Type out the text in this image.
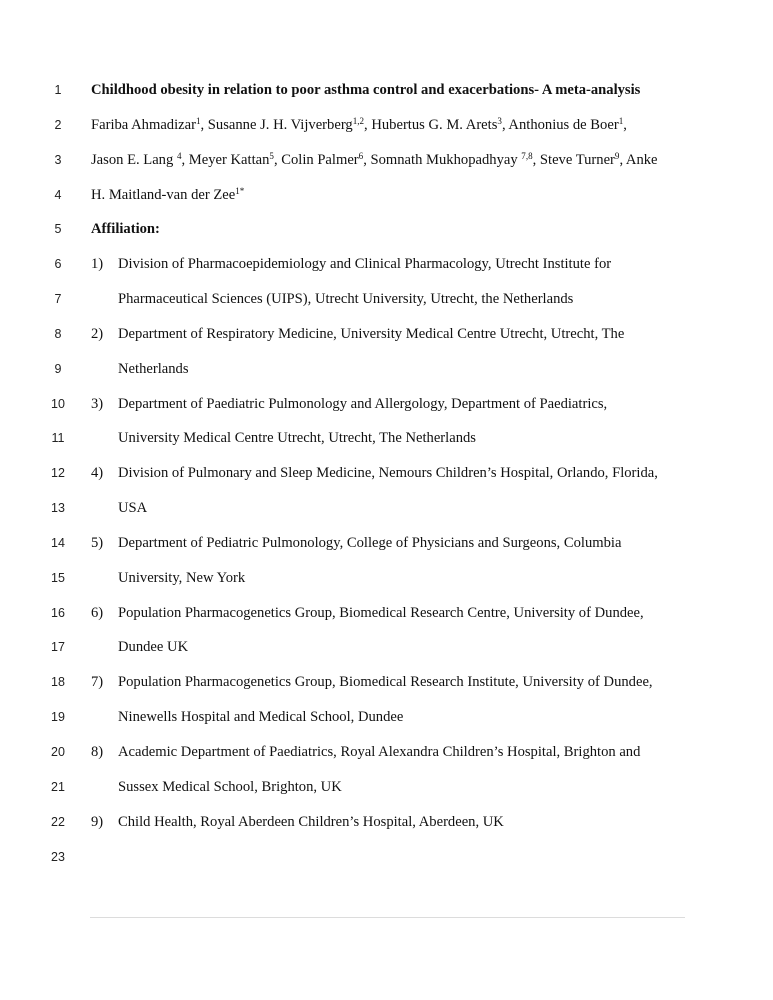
1	Childhood obesity in relation to poor asthma control and exacerbations- A meta-analysis
2	Fariba Ahmadizar$^1$, Susanne J. H. Vijverberg$^{1,2}$, Hubertus G. M. Arets$^3$, Anthonius de Boer$^1$,
3	Jason E. Lang $^4$, Meyer Kattan$^5$, Colin Palmer$^6$, Somnath Mukhopadhyay $^{7,8}$, Steve Turner$^9$, Anke
4	H. Maitland-van der Zee$^{1*}$
5	Affiliation:
6	1) Division of Pharmacoepidemiology and Clinical Pharmacology, Utrecht Institute for
7	Pharmaceutical Sciences (UIPS), Utrecht University, Utrecht, the Netherlands
8	2) Department of Respiratory Medicine, University Medical Centre Utrecht, Utrecht, The
9	Netherlands
10	3) Department of Paediatric Pulmonology and Allergology, Department of Paediatrics,
11	University Medical Centre Utrecht, Utrecht, The Netherlands
12	4) Division of Pulmonary and Sleep Medicine, Nemours Children’s Hospital, Orlando, Florida,
13	USA
14	5) Department of Pediatric Pulmonology, College of Physicians and Surgeons, Columbia
15	University, New York
16	6) Population Pharmacogenetics Group, Biomedical Research Centre, University of Dundee,
17	Dundee UK
18	7) Population Pharmacogenetics Group, Biomedical Research Institute, University of Dundee,
19	Ninewells Hospital and Medical School, Dundee
20	8) Academic Department of Paediatrics, Royal Alexandra Children’s Hospital, Brighton and
21	Sussex Medical School, Brighton, UK
22	9) Child Health, Royal Aberdeen Children’s Hospital, Aberdeen, UK
23
